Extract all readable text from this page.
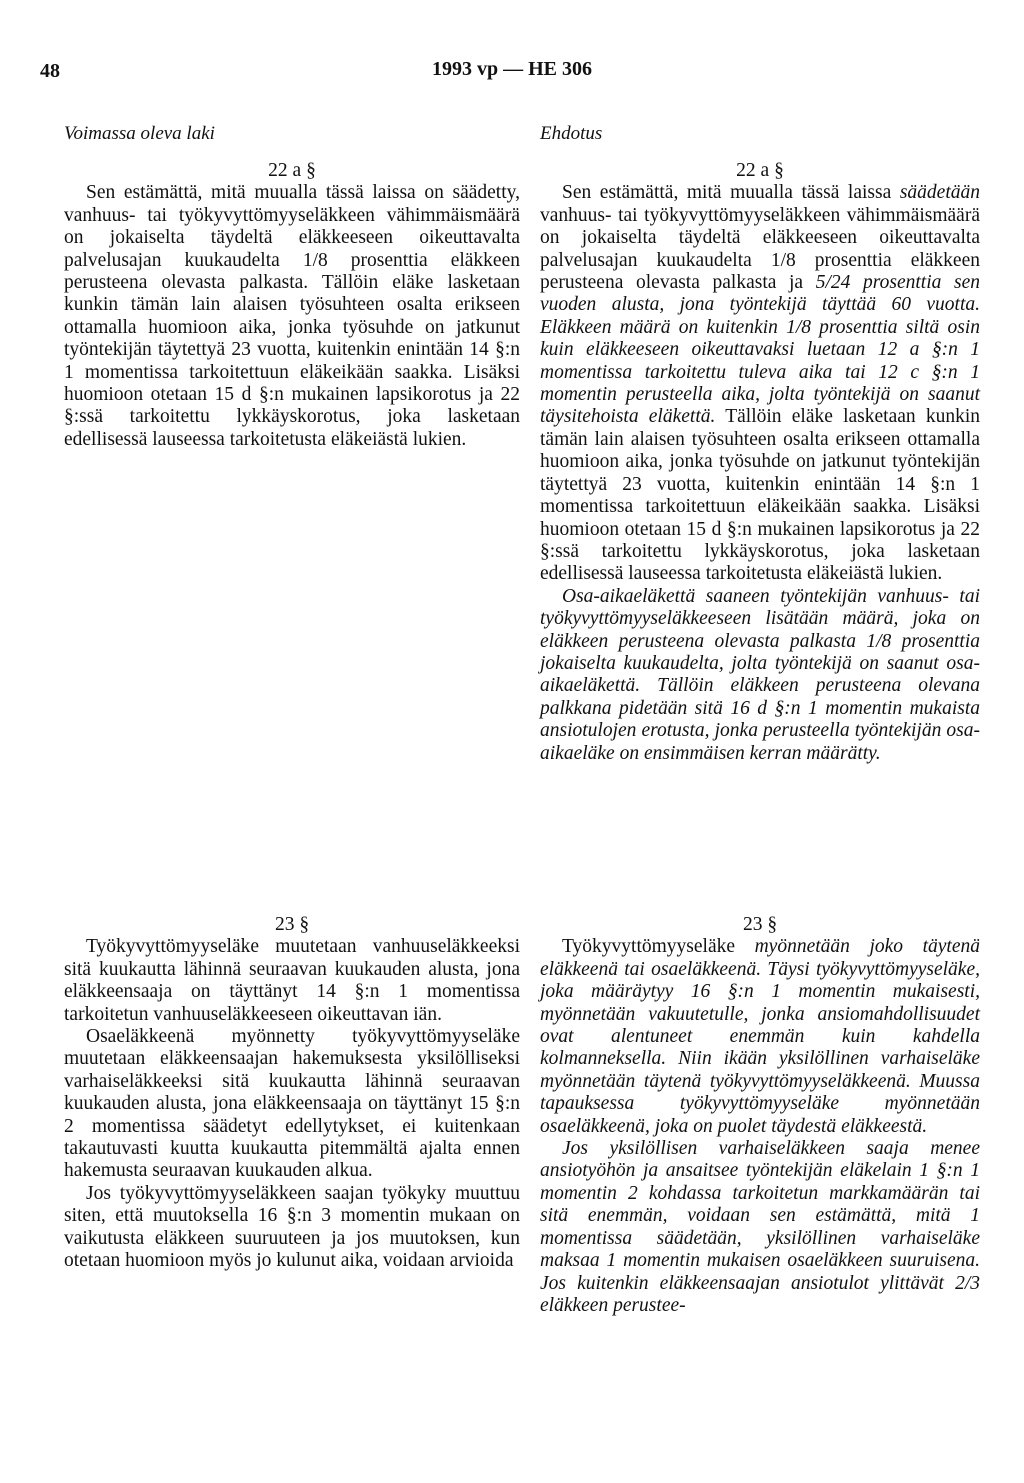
48	1993 vp — HE 306
Voimassa oleva laki	Ehdotus

22 a §

Sen estämättä, mitä muualla tässä laissa on säädetty, vanhuus- tai työkyvyttömyyseläkkeen vähimmäismäärä on jokaiselta täydeltä eläkkeeseen oikeuttavalta palvelusajan kuukaudelta 1/8 prosenttia eläkkeen perusteena olevasta palkasta. Tällöin eläke lasketaan kunkin tämän lain alaisen työsuhteen osalta erikseen ottamalla huomioon aika, jonka työsuhde on jatkunut työntekijän täytettyä 23 vuotta, kuitenkin enintään 14 §:n 1 momentissa tarkoitettuun eläkeikään saakka. Lisäksi huomioon otetaan 15 d §:n mukainen lapsikorotus ja 22 §:ssä tarkoitettu lykkäyskorotus, joka lasketaan edellisessä lauseessa tarkoitetusta eläkeiästä lukien.

22 a §

Sen estämättä, mitä muualla tässä laissa säädetään vanhuus- tai työkyvyttömyyseläkkeen vähimmäismäärä on jokaiselta täydeltä eläkkeeseen oikeuttavalta palvelusajan kuukaudelta 1/8 prosenttia eläkkeen perusteena olevasta palkasta ja 5/24 prosenttia sen vuoden alusta, jona työntekijä täyttää 60 vuotta. Eläkkeen määrä on kuitenkin 1/8 prosenttia siltä osin kuin eläkkeeseen oikeuttavaksi luetaan 12 a §:n 1 momentissa tarkoitettu tuleva aika tai 12 c §:n 1 momentin perusteella aika, jolta työntekijä on saanut täysitehoista eläkettä. Tällöin eläke lasketaan kunkin tämän lain alaisen työsuhteen osalta erikseen ottamalla huomioon aika, jonka työsuhde on jatkunut työntekijän täytettyä 23 vuotta, kuitenkin enintään 14 §:n 1 momentissa tarkoitettuun eläkeikään saakka. Lisäksi huomioon otetaan 15 d §:n mukainen lapsikorotus ja 22 §:ssä tarkoitettu lykkäyskorotus, joka lasketaan edellisessä lauseessa tarkoitetusta eläkeiästä lukien.

Osa-aikaeläkettä saaneen työntekijän vanhuus- tai työkyvyttömyyseläkkeeseen lisätään määrä, joka on eläkkeen perusteena olevasta palkasta 1/8 prosenttia jokaiselta kuukaudelta, jolta työntekijä on saanut osa-aikaeläkettä. Tällöin eläkkeen perusteena olevana palkkana pidetään sitä 16 d §:n 1 momentin mukaista ansiotulojen erotusta, jonka perusteella työntekijän osa-aikaeläke on ensimmäisen kerran määrätty.

23 §

Työkyvyttömyyseläke muutetaan vanhuuseläkkeeksi sitä kuukautta lähinnä seuraavan kuukauden alusta, jona eläkkeensaaja on täyttänyt 14 §:n 1 momentissa tarkoitetun vanhuuseläkkeeseen oikeuttavan iän.

Osaeläkkeenä myönnetty työkyvyttömyyseläke muutetaan eläkkeensaajan hakemuksesta yksilölliseksi varhaiseläkkeeksi sitä kuukautta lähinnä seuraavan kuukauden alusta, jona eläkkeensaaja on täyttänyt 15 §:n 2 momentissa säädetyt edellytykset, ei kuitenkaan takautuvasti kuutta kuukautta pitemmältä ajalta ennen hakemusta seuraavan kuukauden alkua.

Jos työkyvyttömyyseläkkeen saajan työkyky muuttuu siten, että muutoksella 16 §:n 3 momentin mukaan on vaikutusta eläkkeen suuruuteen ja jos muutoksen, kun otetaan huomioon myös jo kulunut aika, voidaan arvioida

23 §

Työkyvyttömyyseläke myönnetään joko täytenä eläkkeenä tai osaeläkkeenä. Täysi työkyvyttömyyseläke, joka määräytyy 16 §:n 1 momentin mukaisesti, myönnetään vakuutetulle, jonka ansiomahdollisuudet ovat alentuneet enemmän kuin kahdella kolmanneksella. Niin ikään yksilöllinen varhaiseläke myönnetään täytenä työkyvyttömyyseläkkeenä. Muussa tapauksessa työkyvyttömyyseläke myönnetään osaeläkkeenä, joka on puolet täydestä eläkkeestä.

Jos yksilöllisen varhaiseläkkeen saaja menee ansiotyöhön ja ansaitsee työntekijän eläkelain 1 §:n 1 momentin 2 kohdassa tarkoitetun markkamäärän tai sitä enemmän, voidaan sen estämättä, mitä 1 momentissa säädetään, yksilöllinen varhaiseläke maksaa 1 momentin mukaisen osaeläkkeen suuruisena. Jos kuitenkin eläkkeensaajan ansiotulot ylittävät 2/3 eläkkeen perustee-
